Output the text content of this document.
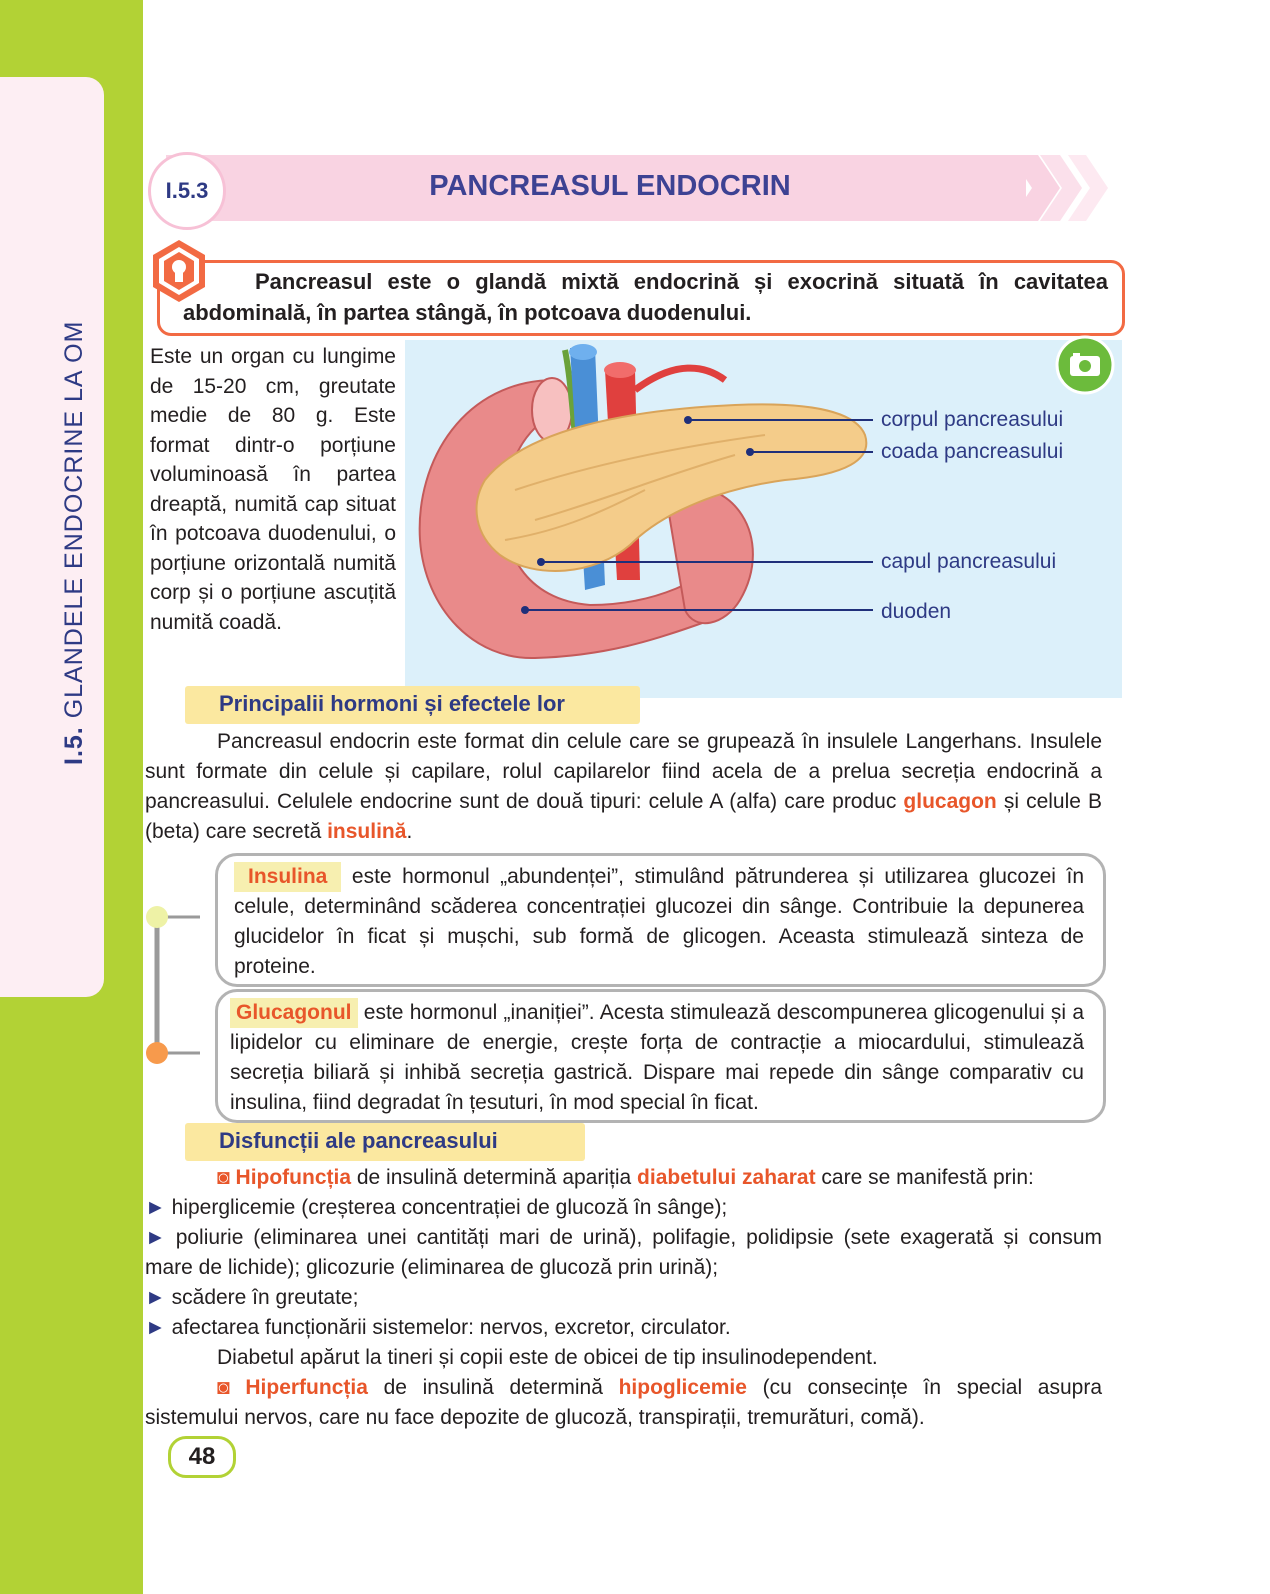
I.5. GLANDELE ENDOCRINE LA OM
I.5.3	PANCREASUL ENDOCRIN
Pancreasul este o glandă mixtă endocrină și exocrină situată în cavitatea abdominală, în partea stângă, în potcoava duodenului.
Este un organ cu lungime de 15-20 cm, greutate medie de 80 g. Este format dintr-o porțiune voluminoasă în partea dreaptă, numită cap situat în potcoava duodenului, o porțiune orizontală numită corp și o porțiune ascuțită numită coadă.
corpul pancreasului
coada pancreasului
capul pancreasului
duoden
Principalii hormoni și efectele lor
Pancreasul endocrin este format din celule care se grupează în insulele Langerhans. Insulele sunt formate din celule și capilare, rolul capilarelor fiind acela de a prelua secreția endocrină a pancreasului. Celulele endocrine sunt de două tipuri: celule A (alfa) care produc glucagon și celule B (beta) care secretă insulină.
Insulina este hormonul „abundenței”, stimulând pătrunderea și utilizarea glucozei în celule, determinând scăderea concentrației glucozei din sânge. Contribuie la depunerea glucidelor în ficat și mușchi, sub formă de glicogen. Aceasta stimulează sinteza de proteine.
Glucagonul este hormonul „inaniției”. Acesta stimulează descompunerea glicogenului și a lipidelor cu eliminare de energie, crește forța de contracție a miocardului, stimulează secreția biliară și inhibă secreția gastrică. Dispare mai repede din sânge comparativ cu insulina, fiind degradat în țesuturi, în mod special în ficat.
Disfuncții ale pancreasului
◙ Hipofuncția de insulină determină apariția diabetului zaharat care se manifestă prin:
► hiperglicemie (creșterea concentrației de glucoză în sânge);
► poliurie (eliminarea unei cantități mari de urină), polifagie, polidipsie (sete exagerată și consum mare de lichide); glicozurie (eliminarea de glucoză prin urină);
► scădere în greutate;
► afectarea funcționării sistemelor: nervos, excretor, circulator.
Diabetul apărut la tineri și copii este de obicei de tip insulinodependent.
◙ Hiperfuncția de insulină determină hipoglicemie (cu consecințe în special asupra sistemului nervos, care nu face depozite de glucoză, transpirații, tremurături, comă).
48
